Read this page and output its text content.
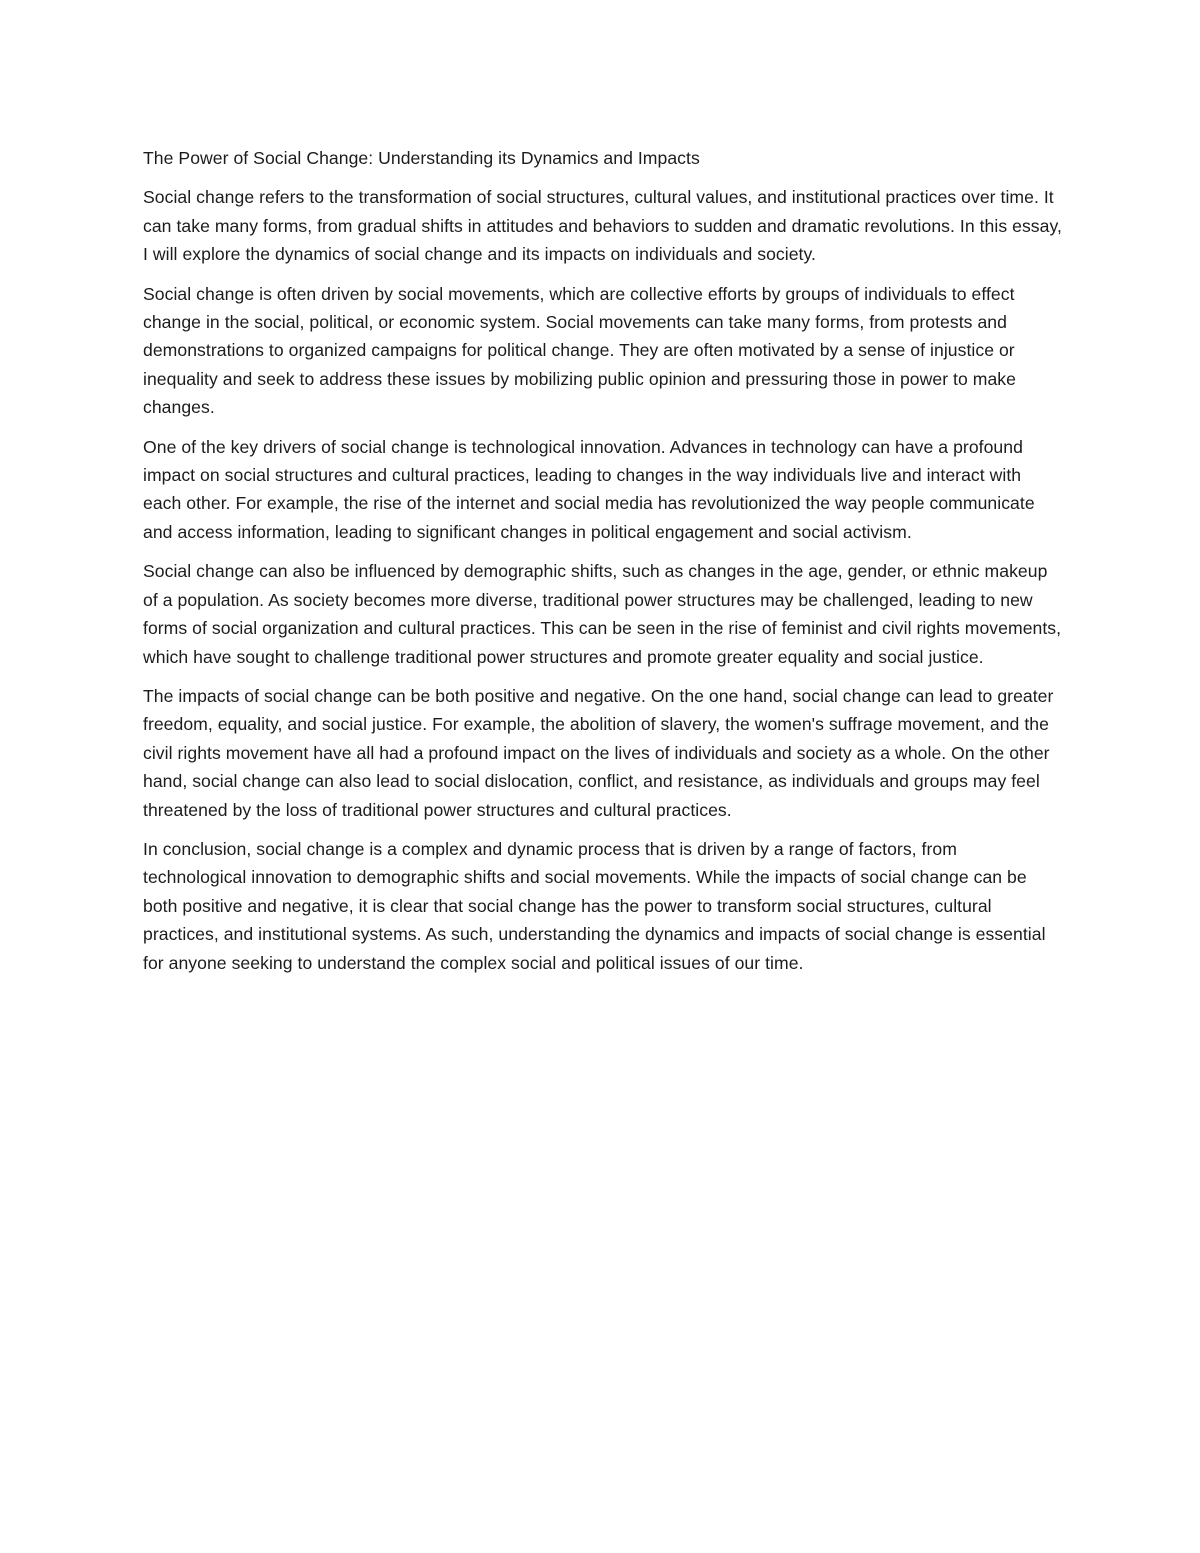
The Power of Social Change: Understanding its Dynamics and Impacts

Social change refers to the transformation of social structures, cultural values, and institutional practices over time. It can take many forms, from gradual shifts in attitudes and behaviors to sudden and dramatic revolutions. In this essay, I will explore the dynamics of social change and its impacts on individuals and society.

Social change is often driven by social movements, which are collective efforts by groups of individuals to effect change in the social, political, or economic system. Social movements can take many forms, from protests and demonstrations to organized campaigns for political change. They are often motivated by a sense of injustice or inequality and seek to address these issues by mobilizing public opinion and pressuring those in power to make changes.

One of the key drivers of social change is technological innovation. Advances in technology can have a profound impact on social structures and cultural practices, leading to changes in the way individuals live and interact with each other. For example, the rise of the internet and social media has revolutionized the way people communicate and access information, leading to significant changes in political engagement and social activism.

Social change can also be influenced by demographic shifts, such as changes in the age, gender, or ethnic makeup of a population. As society becomes more diverse, traditional power structures may be challenged, leading to new forms of social organization and cultural practices. This can be seen in the rise of feminist and civil rights movements, which have sought to challenge traditional power structures and promote greater equality and social justice.

The impacts of social change can be both positive and negative. On the one hand, social change can lead to greater freedom, equality, and social justice. For example, the abolition of slavery, the women's suffrage movement, and the civil rights movement have all had a profound impact on the lives of individuals and society as a whole. On the other hand, social change can also lead to social dislocation, conflict, and resistance, as individuals and groups may feel threatened by the loss of traditional power structures and cultural practices.

In conclusion, social change is a complex and dynamic process that is driven by a range of factors, from technological innovation to demographic shifts and social movements. While the impacts of social change can be both positive and negative, it is clear that social change has the power to transform social structures, cultural practices, and institutional systems. As such, understanding the dynamics and impacts of social change is essential for anyone seeking to understand the complex social and political issues of our time.
